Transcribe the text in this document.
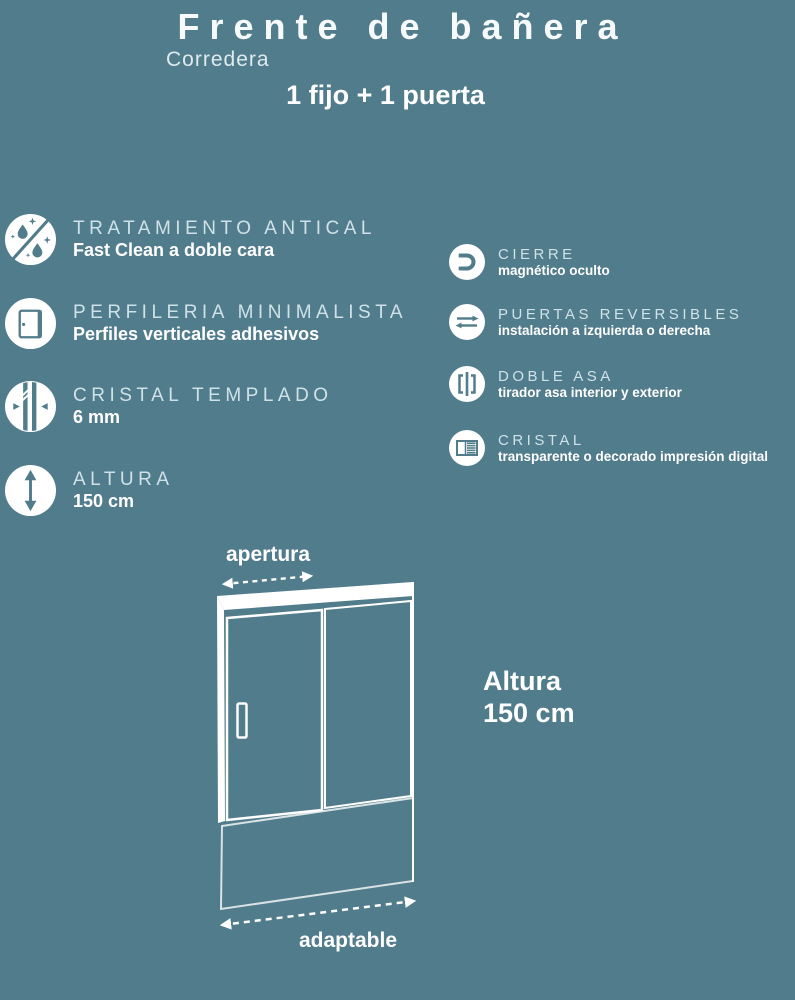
Frente de bañera
Corredera
1 fijo + 1 puerta
TRATAMIENTO ANTICAL
Fast Clean a doble cara
PERFILERIA MINIMALISTA
Perfiles verticales adhesivos
CRISTAL TEMPLADO
6 mm
ALTURA
150 cm
CIERRE
magnético oculto
PUERTAS REVERSIBLES
instalación a izquierda o derecha
DOBLE ASA
tirador asa interior y exterior
CRISTAL
transparente o decorado impresión digital
apertura
adaptable
Altura
150 cm
